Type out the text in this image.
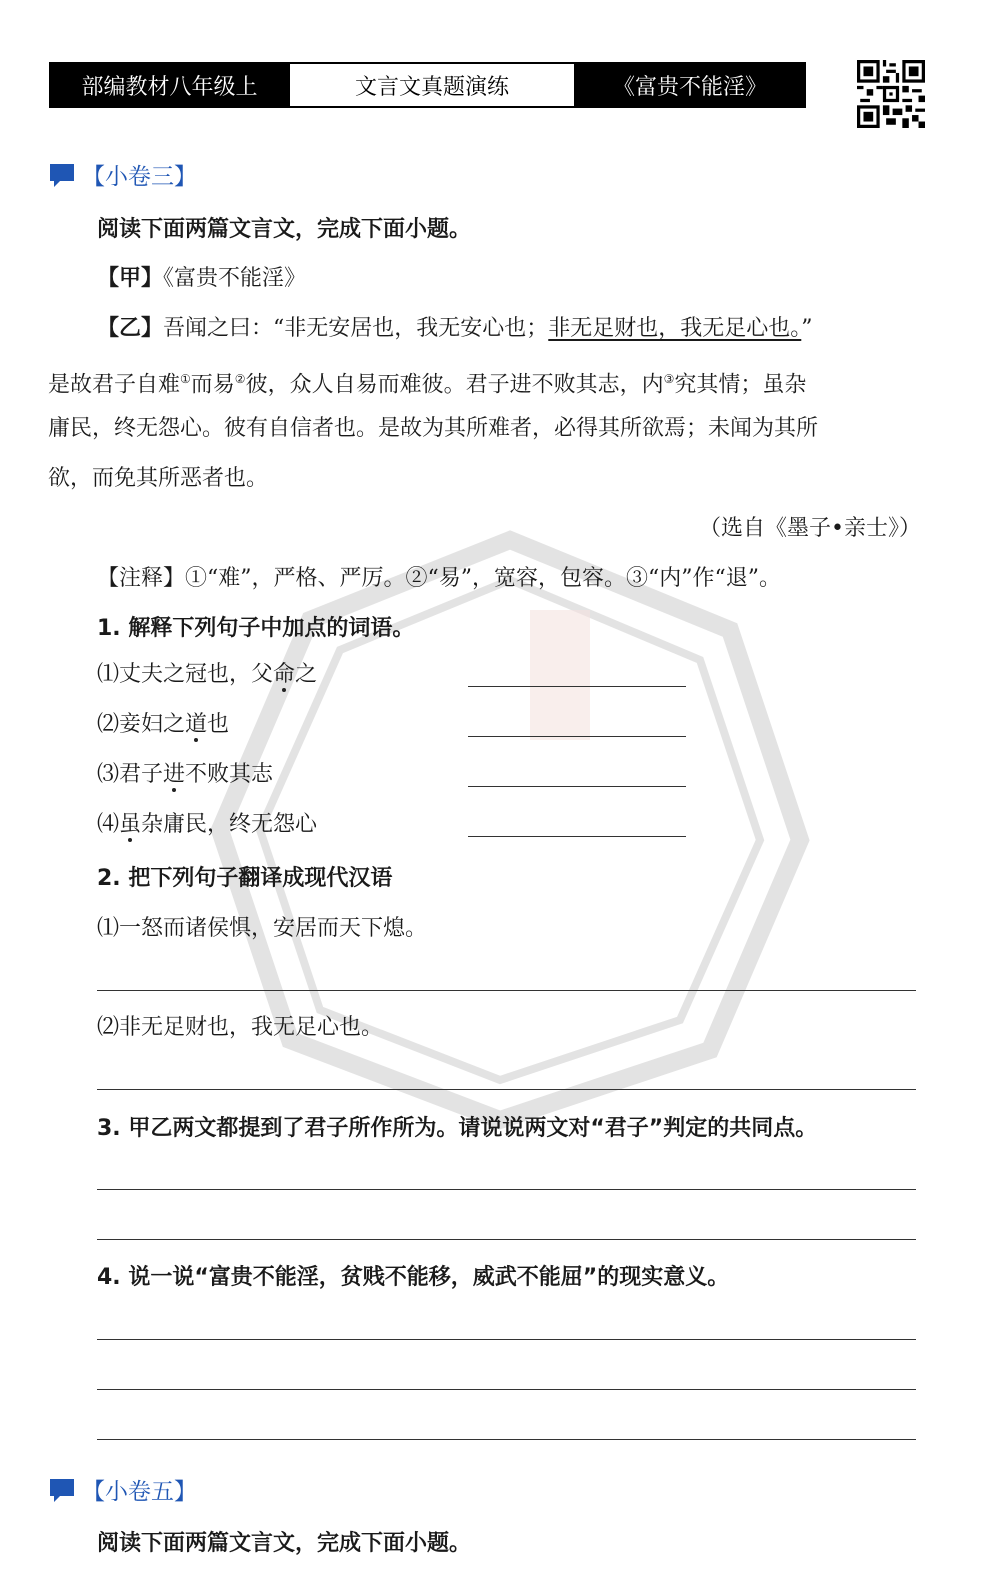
部编教材八年级上	文言文真题演练	《富贵不能淫》
【小卷三】
阅读下面两篇文言文，完成下面小题。
【甲】《富贵不能淫》
【乙】吾闻之曰：“非无安居也，我无安心也；非无足财也，我无足心也。”
是故君子自难①而易②彼，众人自易而难彼。君子进不败其志，内③究其情；虽杂
庸民，终无怨心。彼有自信者也。是故为其所难者，必得其所欲焉；未闻为其所
欲，而免其所恶者也。
（选自《墨子•亲士》）
【注释】①“难”，严格、严厉。②“易”，宽容，包容。③“内”作“退”。
1. 解释下列句子中加点的词语。
⑴丈夫之冠也，父命之
⑵妾妇之道也
⑶君子进不败其志
⑷虽杂庸民，终无怨心
2. 把下列句子翻译成现代汉语
⑴一怒而诸侯惧，安居而天下熄。
⑵非无足财也，我无足心也。
3. 甲乙两文都提到了君子所作所为。请说说两文对“君子”判定的共同点。
4. 说一说“富贵不能淫，贫贱不能移，威武不能屈”的现实意义。
【小卷五】
阅读下面两篇文言文，完成下面小题。
